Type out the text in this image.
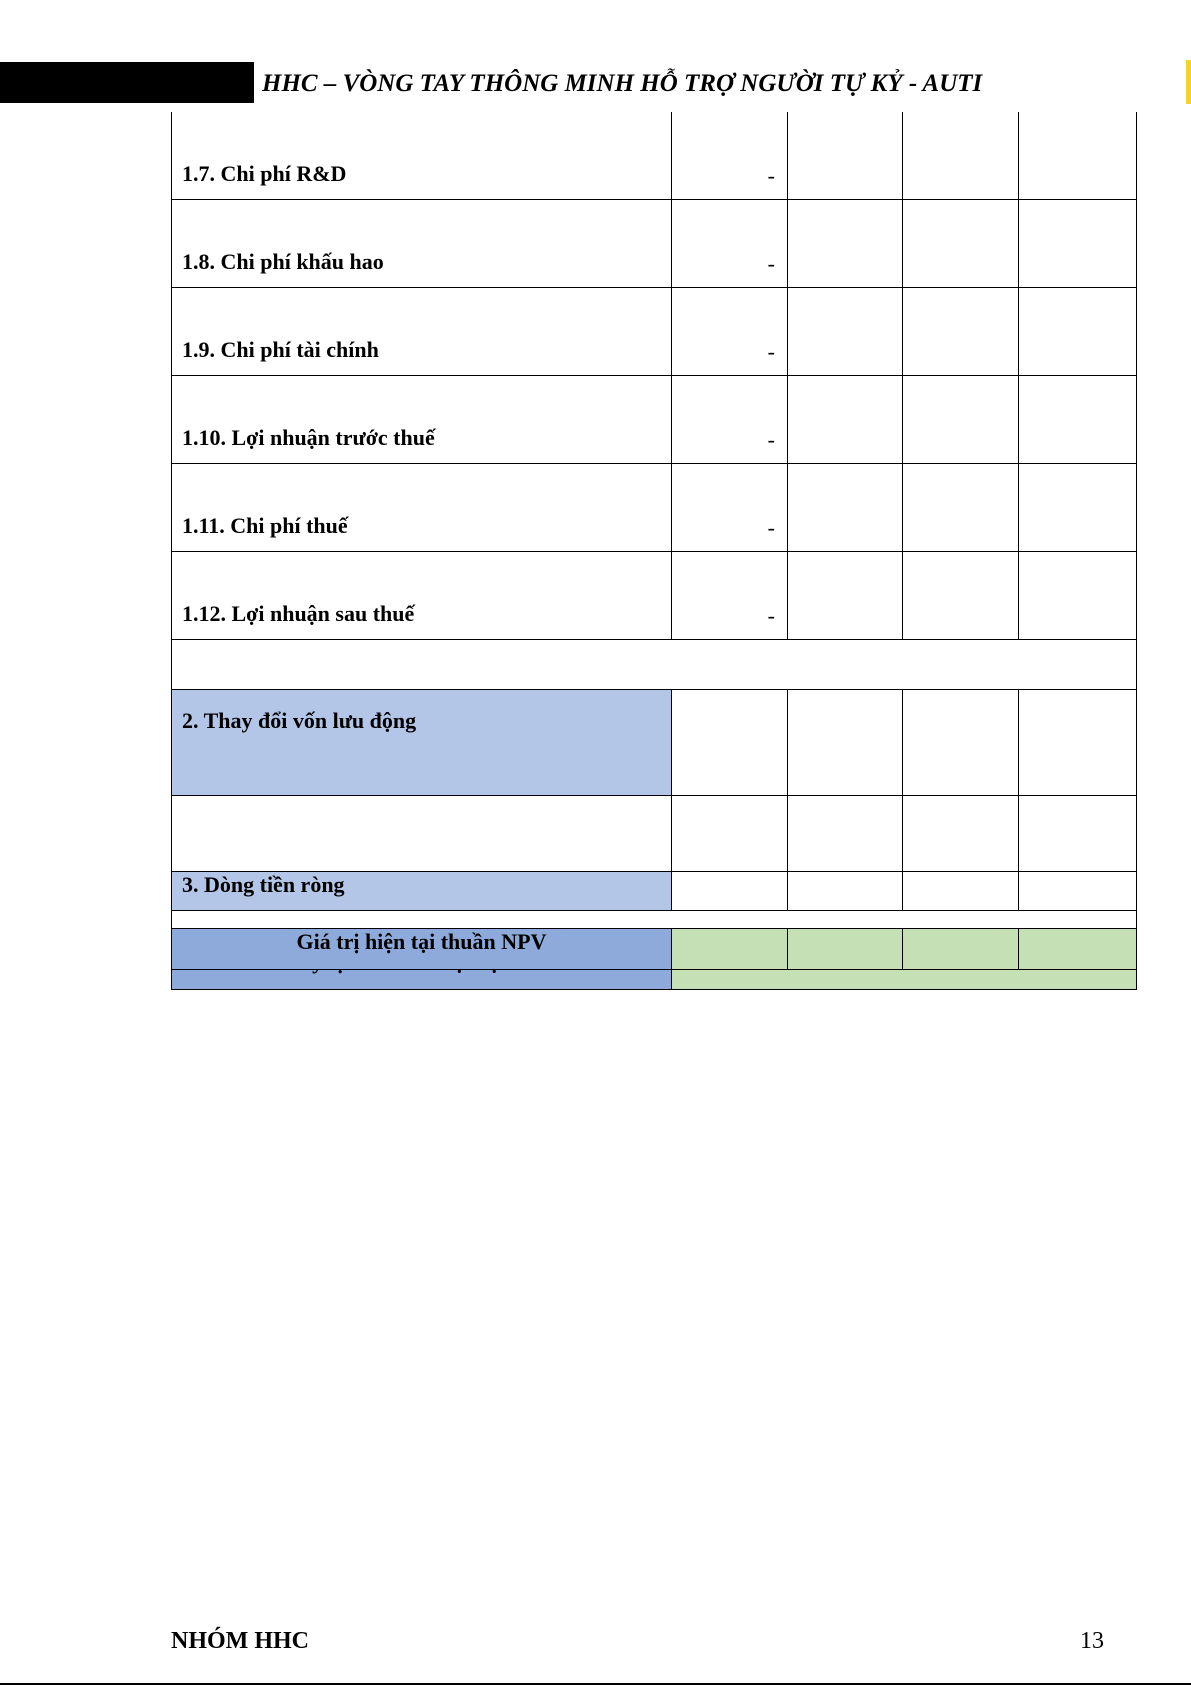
HHC – VÒNG TAY THÔNG MINH HỖ TRỢ NGƯỜI TỰ KỶ - AUTI
1.7. Chi phí R&D	-			
1.8. Chi phí khấu hao	-			
1.9. Chi phí tài chính	-			
1.10. Lợi nhuận trước thuế	-			
1.11. Chi phí thuế	-			
1.12. Lợi nhuận sau thuế	-			

2. Thay đổi vốn lưu động				

3. Dòng tiền ròng				

Giá trị hiện tại thuần NPV				
NHÓM HHC	13
